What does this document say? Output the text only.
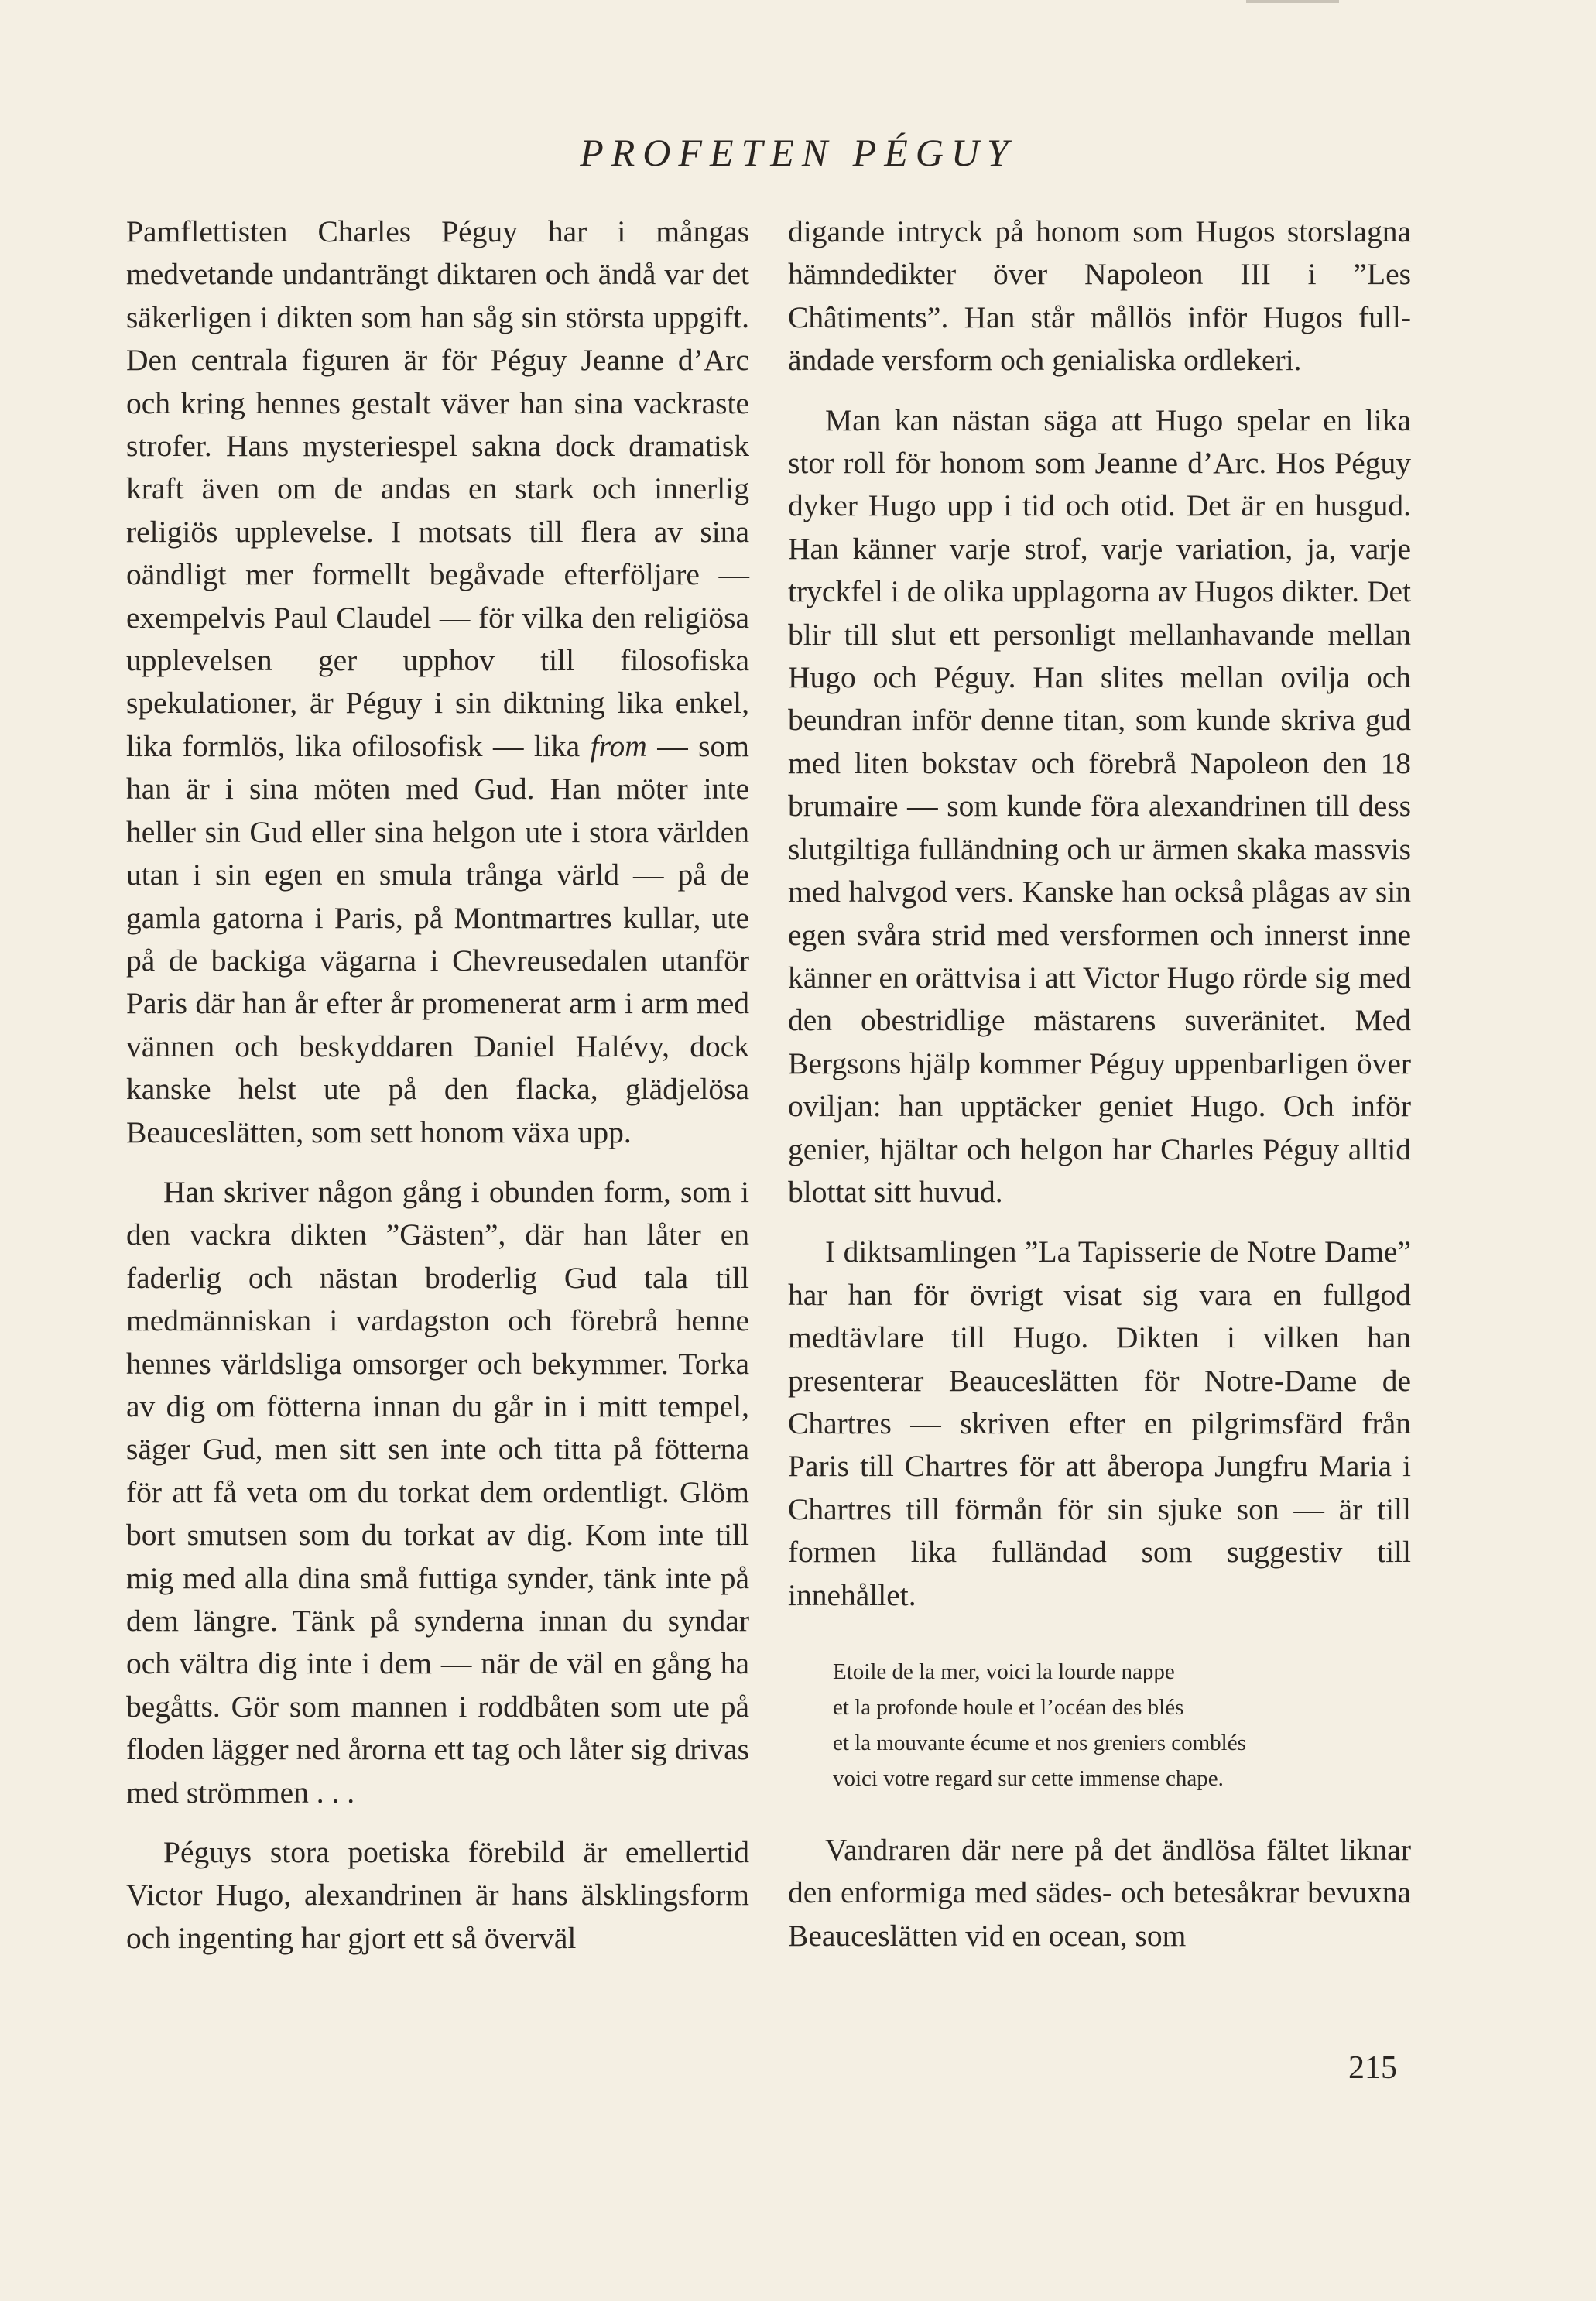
PROFETEN PÉGUY

Pamflettisten Charles Péguy har i mångas medvetande undanträngt diktaren och ändå var det säkerligen i dikten som han såg sin största uppgift. Den centrala figuren är för Péguy Jeanne d’Arc och kring hennes gestalt väver han sina vackraste strofer. Hans mysteriespel sakna dock dramatisk kraft även om de andas en stark och innerlig religiös upplevelse. I motsats till flera av sina oändligt mer formellt begåvade efterföljare — exempelvis Paul Claudel — för vilka den religiösa upplevelsen ger upphov till filosofiska spekulationer, är Péguy i sin diktning lika enkel, lika formlös, lika ofilosofisk — lika from — som han är i sina möten med Gud. Han möter inte heller sin Gud eller sina helgon ute i stora världen utan i sin egen en smula trånga värld — på de gamla gatorna i Paris, på Montmartres kullar, ute på de backiga vägarna i Chevreusedalen utanför Paris där han år efter år promenerat arm i arm med vännen och beskyddaren Daniel Halévy, dock kanske helst ute på den flacka, glädjelösa Beauceslätten, som sett honom växa upp.

Han skriver någon gång i obunden form, som i den vackra dikten ”Gästen”, där han låter en faderlig och nästan broderlig Gud tala till medmänniskan i vardagston och förebrå henne hennes världsliga omsorger och bekymmer. Torka av dig om fötterna innan du går in i mitt tempel, säger Gud, men sitt sen inte och titta på fötterna för att få veta om du torkat dem ordentligt. Glöm bort smutsen som du torkat av dig. Kom inte till mig med alla dina små futtiga synder, tänk inte på dem längre. Tänk på synderna innan du syndar och vältra dig inte i dem — när de väl en gång ha begåtts. Gör som mannen i roddbåten som ute på floden lägger ned årorna ett tag och låter sig drivas med strömmen . . .

Péguys stora poetiska förebild är emellertid Victor Hugo, alexandrinen är hans älsklingsform och ingenting har gjort ett så överväl

digande intryck på honom som Hugos storslagna hämndedikter över Napoleon III i ”Les Châtiments”. Han står mållös inför Hugos fulländade versform och genialiska ordlekeri.

Man kan nästan säga att Hugo spelar en lika stor roll för honom som Jeanne d’Arc. Hos Péguy dyker Hugo upp i tid och otid. Det är en husgud. Han känner varje strof, varje variation, ja, varje tryckfel i de olika upplagorna av Hugos dikter. Det blir till slut ett personligt mellanhavande mellan Hugo och Péguy. Han slites mellan ovilja och beundran inför denne titan, som kunde skriva gud med liten bokstav och förebrå Napoleon den 18 brumaire — som kunde föra alexandrinen till dess slutgiltiga fulländning och ur ärmen skaka massvis med halvgod vers. Kanske han också plågas av sin egen svåra strid med versformen och innerst inne känner en orättvisa i att Victor Hugo rörde sig med den obestridlige mästarens suveränitet. Med Bergsons hjälp kommer Péguy uppenbarligen över oviljan: han upptäcker geniet Hugo. Och inför genier, hjältar och helgon har Charles Péguy alltid blottat sitt huvud.

I diktsamlingen ”La Tapisserie de Notre Dame” har han för övrigt visat sig vara en fullgod medtävlare till Hugo. Dikten i vilken han presenterar Beauceslätten för Notre-Dame de Chartres — skriven efter en pilgrimsfärd från Paris till Chartres för att åberopa Jungfru Maria i Chartres till förmån för sin sjuke son — är till formen lika fulländad som suggestiv till innehållet.

Etoile de la mer, voici la lourde nappe
et la profonde houle et l’océan des blés
et la mouvante écume et nos greniers comblés
voici votre regard sur cette immense chape.

Vandraren där nere på det ändlösa fältet liknar den enformiga med sädes- och betesåkrar bevuxna Beauceslätten vid en ocean, som

215
